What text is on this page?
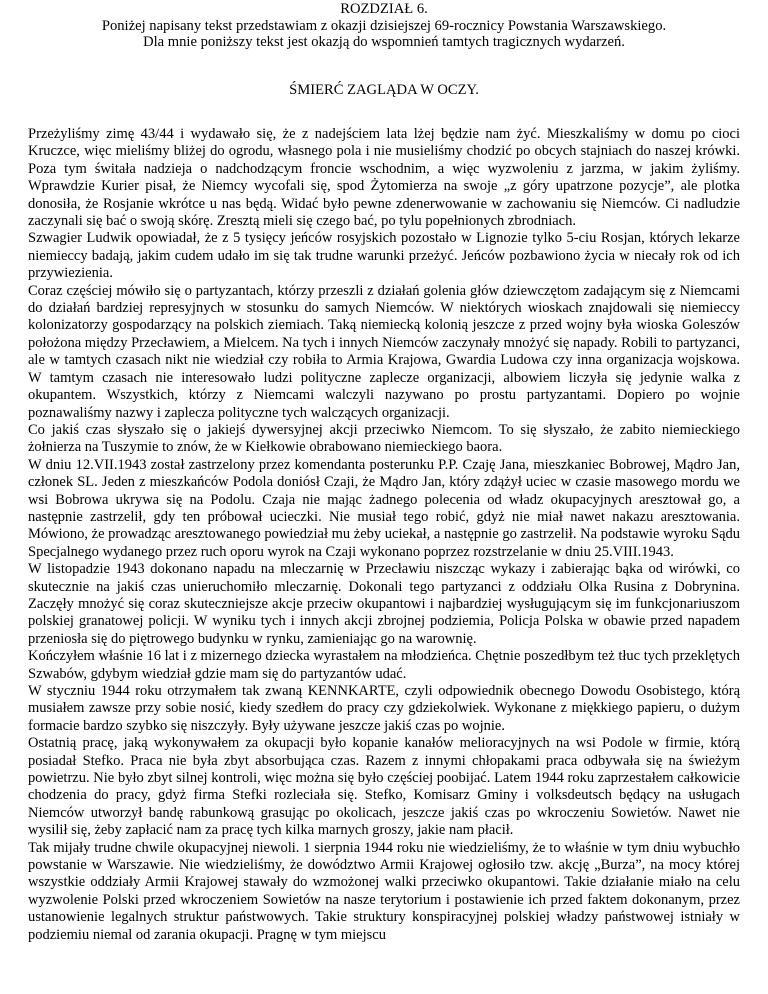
ROZDZIAŁ 6.
Poniżej napisany tekst przedstawiam z okazji dzisiejszej 69-rocznicy Powstania Warszawskiego.
Dla mnie poniższy tekst jest okazją do wspomnień tamtych tragicznych wydarzeń.
ŚMIERĆ ZAGLĄDA W OCZY.

Przeżyliśmy zimę 43/44 i wydawało się, że z nadejściem lata lżej będzie nam żyć. Mieszkaliśmy w domu po cioci Kruczce, więc mieliśmy bliżej do ogrodu, własnego pola i nie musieliśmy chodzić po obcych stajniach do naszej krówki. Poza tym świtała nadzieja o nadchodzącym froncie wschodnim, a więc wyzwoleniu z jarzma, w jakim żyliśmy. Wprawdzie Kurier pisał, że Niemcy wycofali się, spod Żytomierza na swoje „z góry upatrzone pozycje”, ale plotka donosiła, że Rosjanie wkrótce u nas będą. Widać było pewne zdenerwowanie w zachowaniu się Niemców. Ci nadludzie zaczynali się bać o swoją skórę. Zresztą mieli się czego bać, po tylu popełnionych zbrodniach.

Szwagier Ludwik opowiadał, że z 5 tysięcy jeńców rosyjskich pozostało w Lignozie tylko 5-ciu Rosjan, których lekarze niemieccy badają, jakim cudem udało im się tak trudne warunki przeżyć. Jeńców pozbawiono życia w niecały rok od ich przywiezienia.

Coraz częściej mówiło się o partyzantach, którzy przeszli z działań golenia głów dziewczętom zadającym się z Niemcami do działań bardziej represyjnych w stosunku do samych Niemców. W niektórych wioskach znajdowali się niemieccy kolonizatorzy gospodarzący na polskich ziemiach. Taką niemiecką kolonią jeszcze z przed wojny była wioska Goleszów położona między Przecławiem, a Mielcem. Na tych i innych Niemców zaczynały mnożyć się napady. Robili to partyzanci, ale w tamtych czasach nikt nie wiedział czy robiła to Armia Krajowa, Gwardia Ludowa czy inna organizacja wojskowa. W tamtym czasach nie interesowało ludzi polityczne zaplecze organizacji, albowiem liczyła się jedynie walka z okupantem. Wszystkich, którzy z Niemcami walczyli nazywano po prostu partyzantami. Dopiero po wojnie poznawaliśmy nazwy i zaplecza polityczne tych walczących organizacji.

Co jakiś czas słyszało się o jakiejś dywersyjnej akcji przeciwko Niemcom. To się słyszało, że zabito niemieckiego żołnierza na Tuszymie to znów, że w Kiełkowie obrabowano niemieckiego baora.

W dniu 12.VII.1943 został zastrzelony przez komendanta posterunku P.P. Czaję Jana, mieszkaniec Bobrowej, Mądro Jan, członek SL. Jeden z mieszkańców Podola doniósł Czaji, że Mądro Jan, który zdążył uciec w czasie masowego mordu we wsi Bobrowa ukrywa się na Podolu. Czaja nie mając żadnego polecenia od władz okupacyjnych aresztował go, a następnie zastrzelił, gdy ten próbował ucieczki. Nie musiał tego robić, gdyż nie miał nawet nakazu aresztowania. Mówiono, że prowadząc aresztowanego powiedział mu żeby uciekał, a następnie go zastrzelił. Na podstawie wyroku Sądu Specjalnego wydanego przez ruch oporu wyrok na Czaji wykonano poprzez rozstrzelanie w dniu 25.VIII.1943.

W listopadzie 1943 dokonano napadu na mleczarnię w Przecławiu niszcząc wykazy i zabierając bąka od wirówki, co skutecznie na jakiś czas unieruchomiło mleczarnię. Dokonali tego partyzanci z oddziału Olka Rusina z Dobrynina. Zaczęły mnożyć się coraz skuteczniejsze akcje przeciw okupantowi i najbardziej wysługującym się im funkcjonariuszom polskiej granatowej policji. W wyniku tych i innych akcji zbrojnej podziemia, Policja Polska w obawie przed napadem przeniosła się do piętrowego budynku w rynku, zamieniając go na warownię.

Kończyłem właśnie 16 lat i z mizernego dziecka wyrastałem na młodzieńca. Chętnie poszedłbym też tłuc tych przeklętych Szwabów, gdybym wiedział gdzie mam się do partyzantów udać.

W styczniu 1944 roku otrzymałem tak zwaną KENNKARTE, czyli odpowiednik obecnego Dowodu Osobistego, którą musiałem zawsze przy sobie nosić, kiedy szedłem do pracy czy gdziekolwiek. Wykonane z miękkiego papieru, o dużym formacie bardzo szybko się niszczyły. Były używane jeszcze jakiś czas po wojnie.

Ostatnią pracę, jaką wykonywałem za okupacji było kopanie kanałów melioracyjnych na wsi Podole w firmie, którą posiadał Stefko. Praca nie była zbyt absorbująca czas. Razem z innymi chłopakami praca odbywała się na świeżym powietrzu. Nie było zbyt silnej kontroli, więc można się było częściej poobijać. Latem 1944 roku zaprzestałem całkowicie chodzenia do pracy, gdyż firma Stefki rozleciała się. Stefko, Komisarz Gminy i volksdeutsch będący na usługach Niemców utworzył bandę rabunkową grasując po okolicach, jeszcze jakiś czas po wkroczeniu Sowietów. Nawet nie wysilił się, żeby zapłacić nam za pracę tych kilka marnych groszy, jakie nam płacił.

Tak mijały trudne chwile okupacyjnej niewoli. 1 sierpnia 1944 roku nie wiedzieliśmy, że to właśnie w tym dniu wybuchło powstanie w Warszawie. Nie wiedzieliśmy, że dowództwo Armii Krajowej ogłosiło tzw. akcję „Burza”, na mocy której wszystkie oddziały Armii Krajowej stawały do wzmożonej walki przeciwko okupantowi. Takie działanie miało na celu wyzwolenie Polski przed wkroczeniem Sowietów na nasze terytorium i postawienie ich przed faktem dokonanym, przez ustanowienie legalnych struktur państwowych. Takie struktury konspiracyjnej polskiej władzy państwowej istniały w podziemiu niemal od zarania okupacji. Pragnę w tym miejscu
